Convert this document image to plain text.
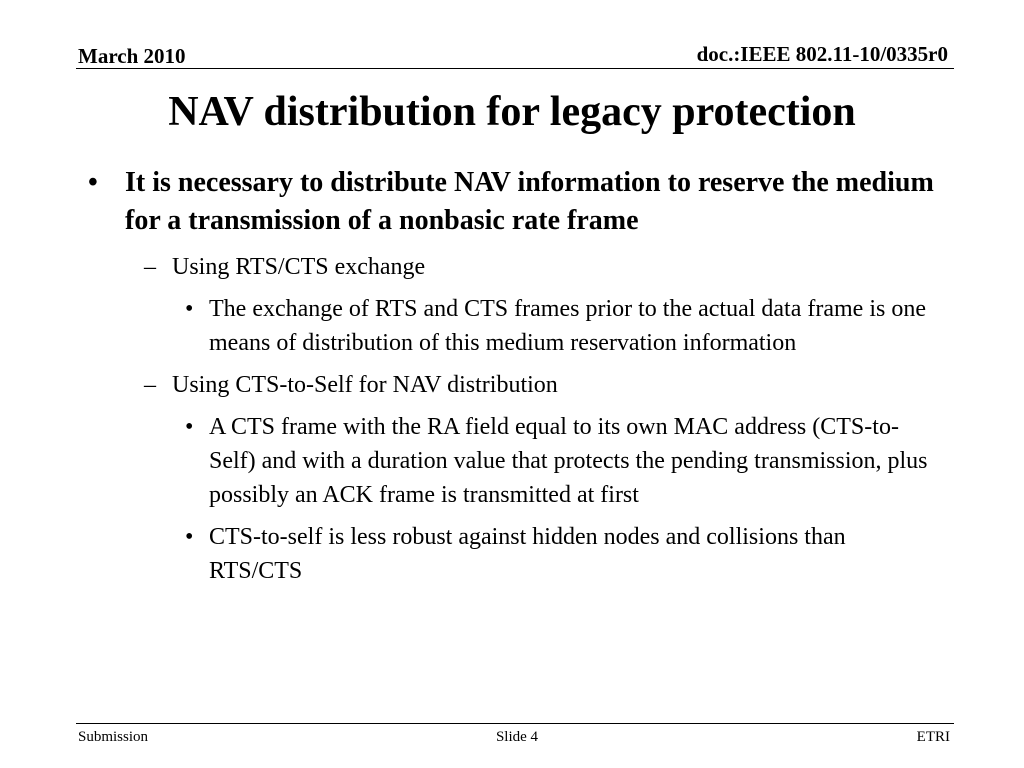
March 2010	doc.:IEEE 802.11-10/0335r0
NAV distribution for legacy protection
• It is necessary to distribute NAV information to reserve the medium for a transmission of a nonbasic rate frame
– Using RTS/CTS exchange
• The exchange of RTS and CTS frames prior to the actual data frame is one means of distribution of this medium reservation information
– Using CTS-to-Self for NAV distribution
• A CTS frame with the RA field equal to its own MAC address (CTS-to-Self) and with a duration value that protects the pending transmission, plus possibly an ACK frame is transmitted at first
• CTS-to-self is less robust against hidden nodes and collisions than RTS/CTS
Submission	Slide 4	ETRI
